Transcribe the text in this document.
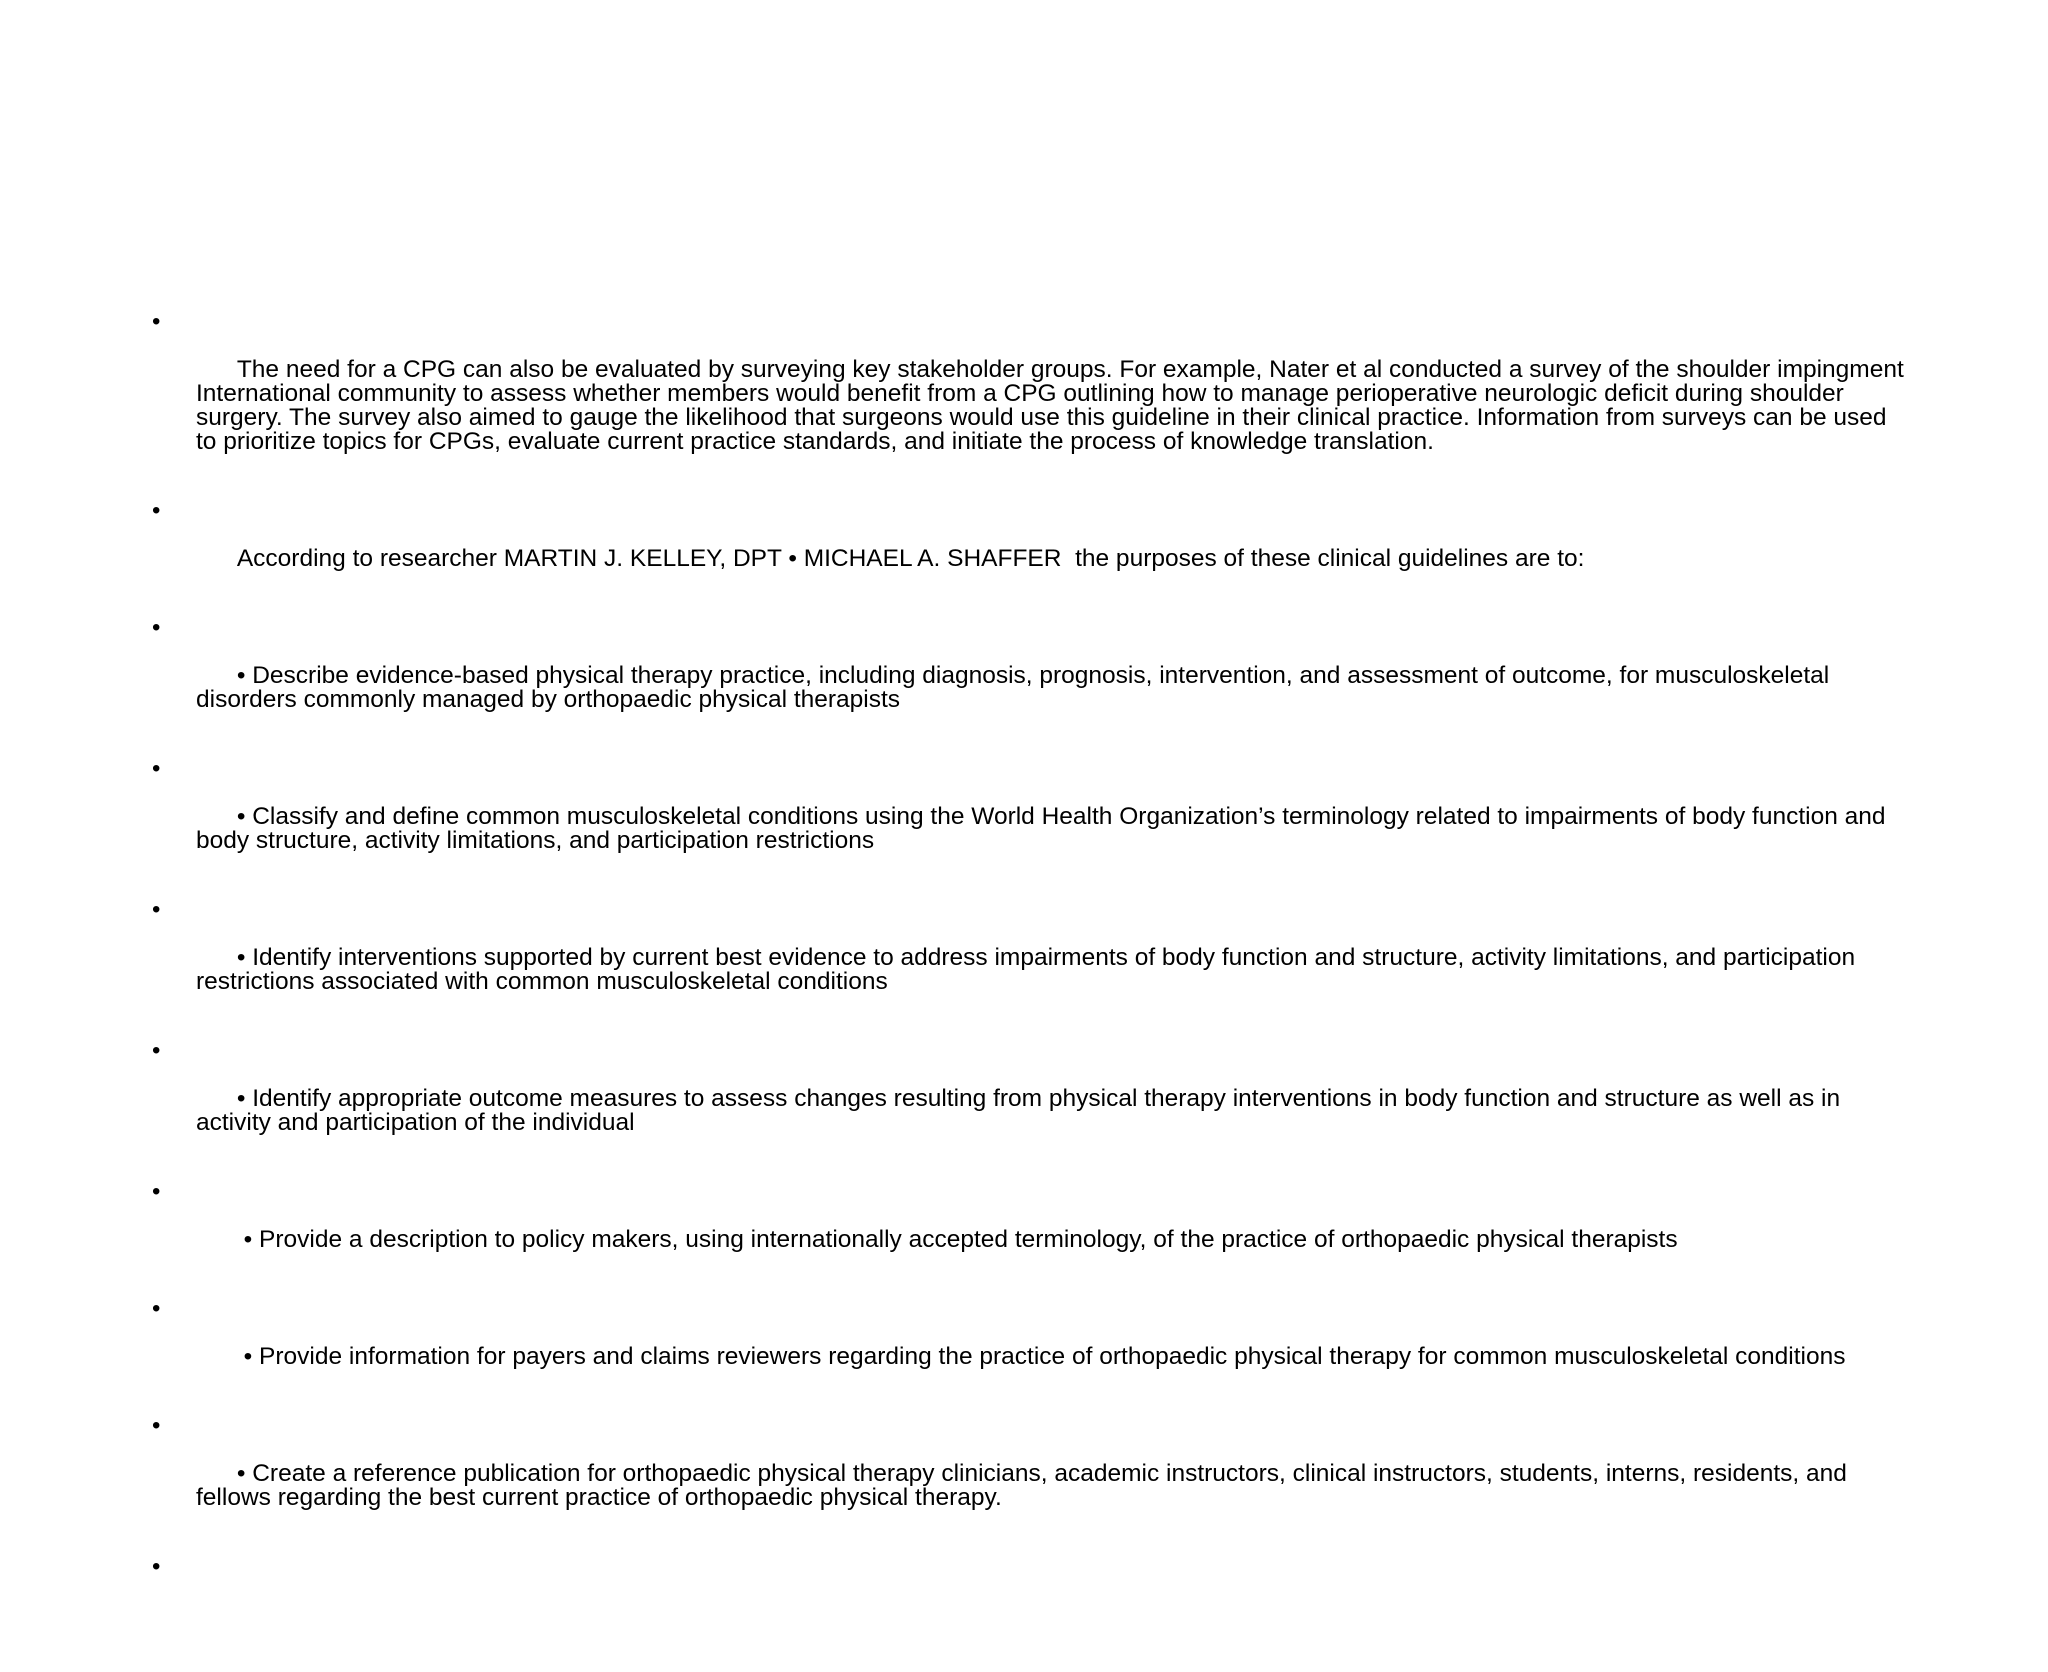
•

The need for a CPG can also be evaluated by surveying key stakeholder groups. For example, Nater et al conducted a survey of the shoulder impingment  International community to assess whether members would benefit from a CPG outlining how to manage perioperative neurologic deficit during shoulder surgery. The survey also aimed to gauge the likelihood that surgeons would use this guideline in their clinical practice. Information from surveys can be used to prioritize topics for CPGs, evaluate current practice standards, and initiate the process of knowledge translation.

•

According to researcher MARTIN J. KELLEY, DPT • MICHAEL A. SHAFFER  the purposes of these clinical guidelines are to:

•

• Describe evidence-based physical therapy practice, including diagnosis, prognosis, intervention, and assessment of outcome, for musculoskeletal disorders commonly managed by orthopaedic physical therapists

•

• Classify and define common musculoskeletal conditions using the World Health Organization’s terminology related to impairments of body function and body structure, activity limitations, and participation restrictions

•

• Identify interventions supported by current best evidence to address impairments of body function and structure, activity limitations, and participation restrictions associated with common musculoskeletal conditions

•

• Identify appropriate outcome measures to assess changes resulting from physical therapy interventions in body function and structure as well as in activity and participation of the individual

•

• Provide a description to policy makers, using internationally accepted terminology, of the practice of orthopaedic physical therapists

•

• Provide information for payers and claims reviewers regarding the practice of orthopaedic physical therapy for common musculoskeletal conditions

•

• Create a reference publication for orthopaedic physical therapy clinicians, academic instructors, clinical instructors, students, interns, residents, and fellows regarding the best current practice of orthopaedic physical therapy.

•
